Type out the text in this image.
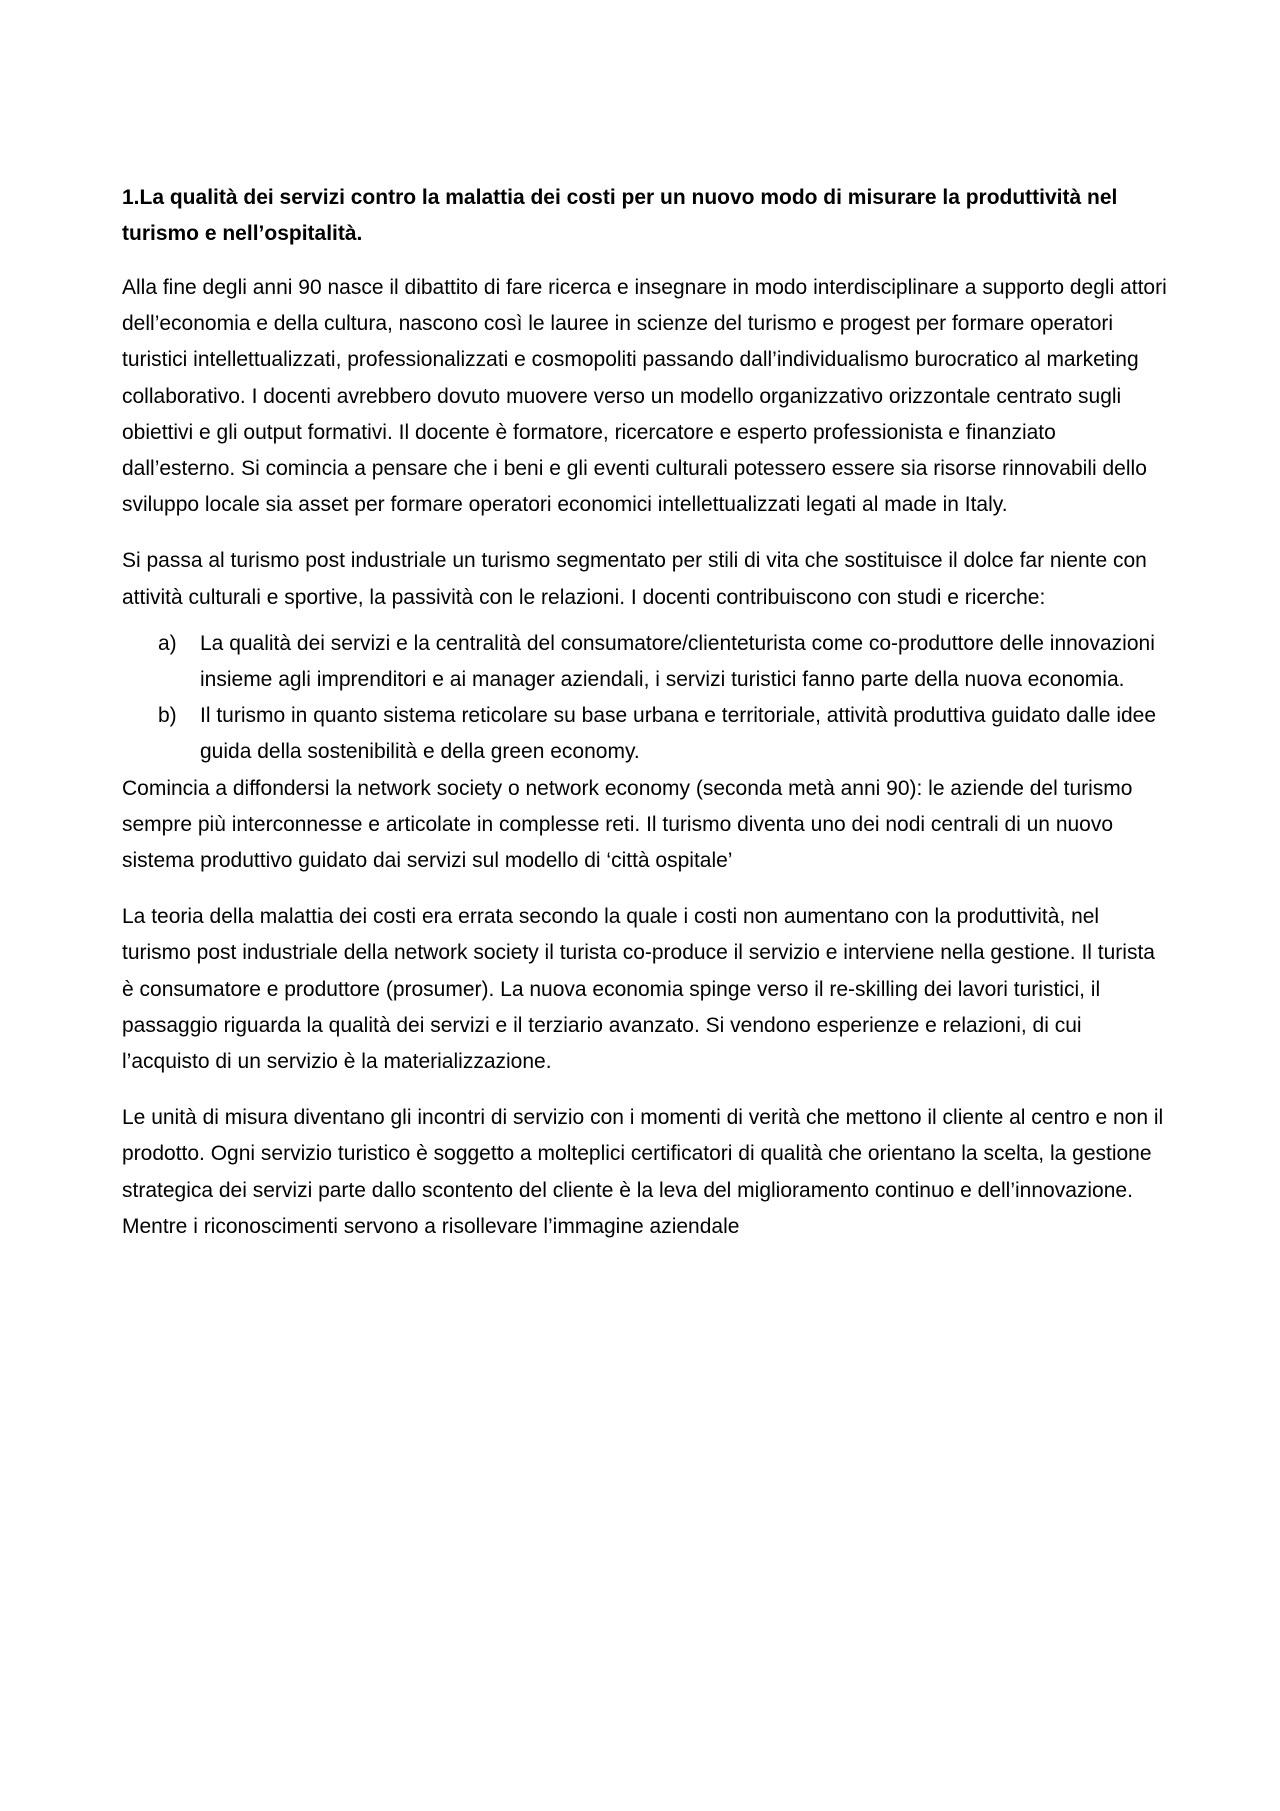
1.La qualità dei servizi contro la malattia dei costi per un nuovo modo di misurare la produttività nel turismo e nell’ospitalità.

Alla fine degli anni 90 nasce il dibattito di fare ricerca e insegnare in modo interdisciplinare a supporto degli attori dell’economia e della cultura, nascono così le lauree in scienze del turismo e progest per formare operatori turistici intellettualizzati, professionalizzati e cosmopoliti passando dall’individualismo burocratico al marketing collaborativo. I docenti avrebbero dovuto muovere verso un modello organizzativo orizzontale centrato sugli obiettivi e gli output formativi. Il docente è formatore, ricercatore e esperto professionista e finanziato dall’esterno. Si comincia a pensare che i beni e gli eventi culturali potessero essere sia risorse rinnovabili dello sviluppo locale sia asset per formare operatori economici intellettualizzati legati al made in Italy.

Si passa al turismo post industriale un turismo segmentato per stili di vita che sostituisce il dolce far niente con attività culturali e sportive, la passività con le relazioni. I docenti contribuiscono con studi e ricerche:

a) La qualità dei servizi e la centralità del consumatore/clienteturista come co-produttore delle innovazioni insieme agli imprenditori e ai manager aziendali, i servizi turistici fanno parte della nuova economia.
b) Il turismo in quanto sistema reticolare su base urbana e territoriale, attività produttiva guidato dalle idee guida della sostenibilità e della green economy.

Comincia a diffondersi la network society o network economy (seconda metà anni 90): le aziende del turismo sempre più interconnesse e articolate in complesse reti. Il turismo diventa uno dei nodi centrali di un nuovo sistema produttivo guidato dai servizi sul modello di ‘città ospitale’

La teoria della malattia dei costi era errata secondo la quale i costi non aumentano con la produttività, nel turismo post industriale della network society il turista co-produce il servizio e interviene nella gestione. Il turista è consumatore e produttore (prosumer). La nuova economia spinge verso il re-skilling dei lavori turistici, il passaggio riguarda la qualità dei servizi e il terziario avanzato. Si vendono esperienze e relazioni, di cui l’acquisto di un servizio è la materializzazione.

Le unità di misura diventano gli incontri di servizio con i momenti di verità che mettono il cliente al centro e non il prodotto. Ogni servizio turistico è soggetto a molteplici certificatori di qualità che orientano la scelta, la gestione strategica dei servizi parte dallo scontento del cliente è la leva del miglioramento continuo e dell’innovazione. Mentre i riconoscimenti servono a risollevare l’immagine aziendale
